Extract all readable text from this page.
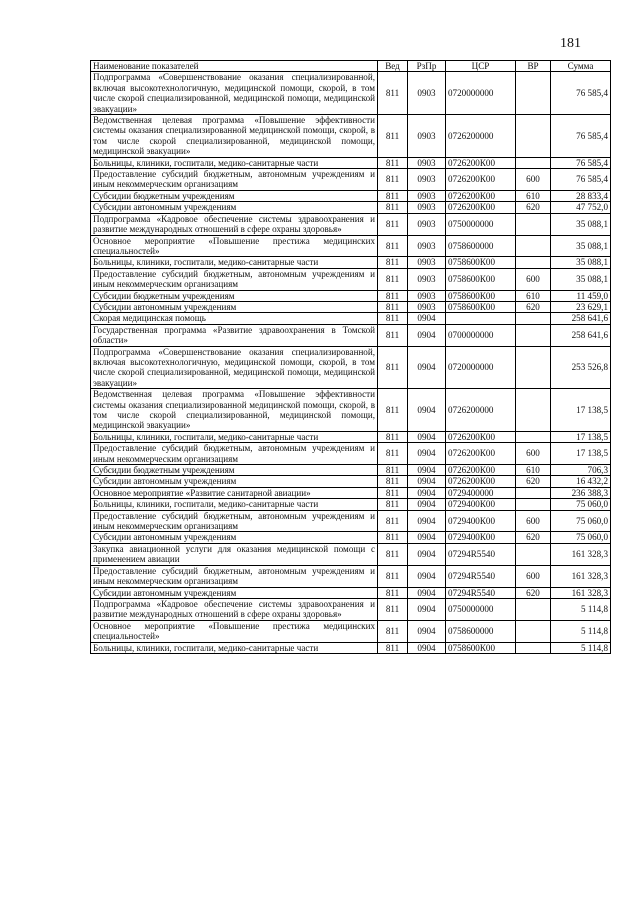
181
Наименование показателей	Вед	РзПр	ЦСР	ВР	Сумма
Подпрограмма «Совершенствование оказания специализированной, включая высокотехнологичную, медицинской помощи, скорой, в том числе скорой специализированной, медицинской помощи, медицинской эвакуации»	811	0903	0720000000		76 585,4
Ведомственная целевая программа «Повышение эффективности системы оказания специализированной медицинской помощи, скорой, в том числе скорой специализированной, медицинской помощи, медицинской эвакуации»	811	0903	0726200000		76 585,4
Больницы, клиники, госпитали, медико-санитарные части	811	0903	0726200К00		76 585,4
Предоставление субсидий бюджетным, автономным учреждениям и иным некоммерческим организациям	811	0903	0726200К00	600	76 585,4
Субсидии бюджетным учреждениям	811	0903	0726200К00	610	28 833,4
Субсидии автономным учреждениям	811	0903	0726200К00	620	47 752,0
Подпрограмма «Кадровое обеспечение системы здравоохранения и развитие международных отношений в сфере охраны здоровья»	811	0903	0750000000		35 088,1
Основное мероприятие «Повышение престижа медицинских специальностей»	811	0903	0758600000		35 088,1
Больницы, клиники, госпитали, медико-санитарные части	811	0903	0758600К00		35 088,1
Предоставление субсидий бюджетным, автономным учреждениям и иным некоммерческим организациям	811	0903	0758600К00	600	35 088,1
Субсидии бюджетным учреждениям	811	0903	0758600К00	610	11 459,0
Субсидии автономным учреждениям	811	0903	0758600К00	620	23 629,1
Скорая медицинская помощь	811	0904			258 641,6
Государственная программа «Развитие здравоохранения в Томской области»	811	0904	0700000000		258 641,6
Подпрограмма «Совершенствование оказания специализированной, включая высокотехнологичную, медицинской помощи, скорой, в том числе скорой специализированной, медицинской помощи, медицинской эвакуации»	811	0904	0720000000		253 526,8
Ведомственная целевая программа «Повышение эффективности системы оказания специализированной медицинской помощи, скорой, в том числе скорой специализированной, медицинской помощи, медицинской эвакуации»	811	0904	0726200000		17 138,5
Больницы, клиники, госпитали, медико-санитарные части	811	0904	0726200К00		17 138,5
Предоставление субсидий бюджетным, автономным учреждениям и иным некоммерческим организациям	811	0904	0726200К00	600	17 138,5
Субсидии бюджетным учреждениям	811	0904	0726200К00	610	706,3
Субсидии автономным учреждениям	811	0904	0726200К00	620	16 432,2
Основное мероприятие «Развитие санитарной авиации»	811	0904	0729400000		236 388,3
Больницы, клиники, госпитали, медико-санитарные части	811	0904	0729400К00		75 060,0
Предоставление субсидий бюджетным, автономным учреждениям и иным некоммерческим организациям	811	0904	0729400К00	600	75 060,0
Субсидии автономным учреждениям	811	0904	0729400К00	620	75 060,0
Закупка авиационной услуги для оказания медицинской помощи с применением авиации	811	0904	07294R5540		161 328,3
Предоставление субсидий бюджетным, автономным учреждениям и иным некоммерческим организациям	811	0904	07294R5540	600	161 328,3
Субсидии автономным учреждениям	811	0904	07294R5540	620	161 328,3
Подпрограмма «Кадровое обеспечение системы здравоохранения и развитие международных отношений в сфере охраны здоровья»	811	0904	0750000000		5 114,8
Основное мероприятие «Повышение престижа медицинских специальностей»	811	0904	0758600000		5 114,8
Больницы, клиники, госпитали, медико-санитарные части	811	0904	0758600К00		5 114,8
